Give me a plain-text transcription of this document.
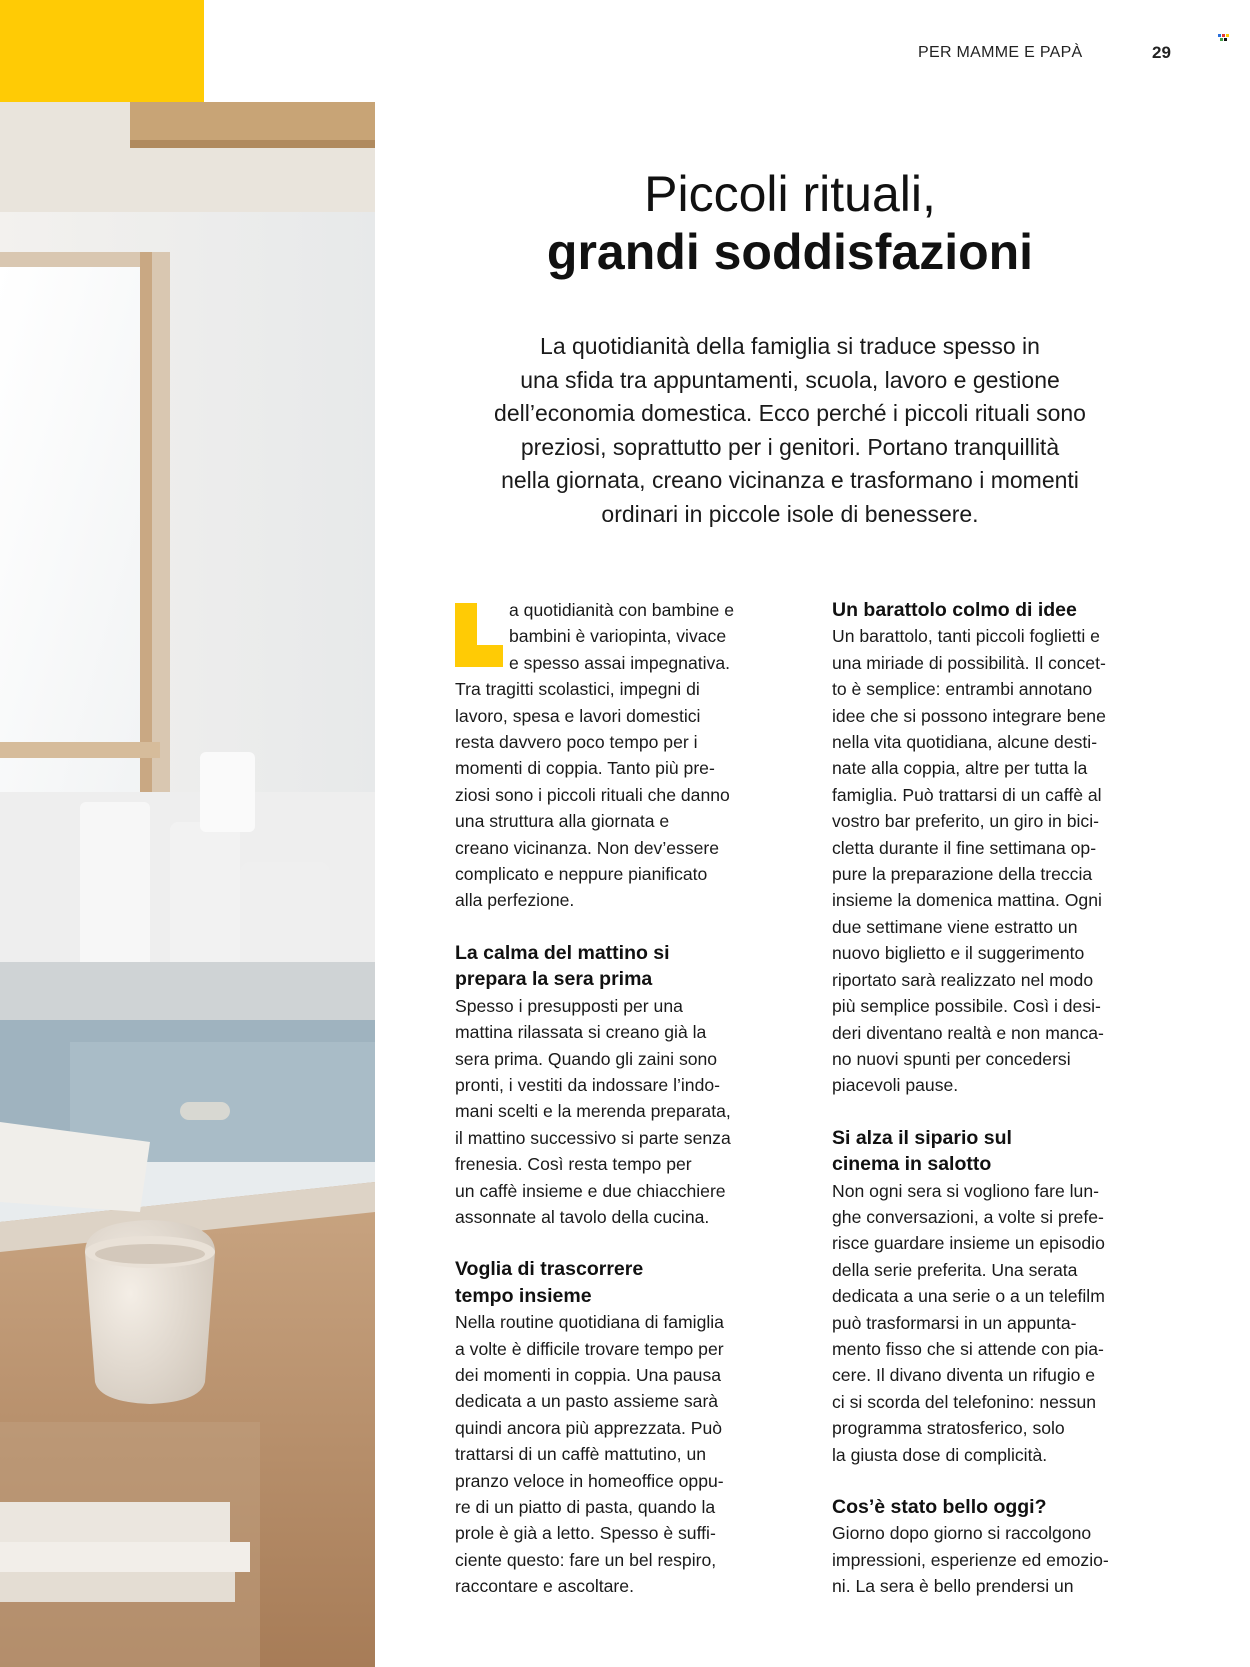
PER MAMME E PAPÀ	29
Piccoli rituali,
grandi soddisfazioni
La quotidianità della famiglia si traduce spesso in
una sfida tra appuntamenti, scuola, lavoro e gestione
dell’economia domestica. Ecco perché i piccoli rituali sono
preziosi, soprattutto per i genitori. Portano tranquillità
nella giornata, creano vicinanza e trasformano i momenti
ordinari in piccole isole di benessere.

a quotidianità con bambine e

bambini è variopinta, vivace

e spesso assai impegnativa.

Tra tragitti scolastici, impegni di

lavoro, spesa e lavori domestici

resta davvero poco tempo per i

momenti di coppia. Tanto più pre-

ziosi sono i piccoli rituali che danno

una struttura alla giornata e

creano vicinanza. Non dev’essere

complicato e neppure pianificato

alla perfezione.

La calma del mattino si
prepara la sera prima

Spesso i presupposti per una

mattina rilassata si creano già la

sera prima. Quando gli zaini sono

pronti, i vestiti da indossare l’indo-

mani scelti e la merenda preparata,

il mattino successivo si parte senza

frenesia. Così resta tempo per

un caffè insieme e due chiacchiere

assonnate al tavolo della cucina.

Voglia di trascorrere
tempo insieme

Nella routine quotidiana di famiglia

a volte è difficile trovare tempo per

dei momenti in coppia. Una pausa

dedicata a un pasto assieme sarà

quindi ancora più apprezzata. Può

trattarsi di un caffè mattutino, un

pranzo veloce in homeoffice oppu-

re di un piatto di pasta, quando la

prole è già a letto. Spesso è suffi-

ciente questo: fare un bel respiro,

raccontare e ascoltare.

Un barattolo colmo di idee

Un barattolo, tanti piccoli foglietti e

una miriade di possibilità. Il concet-

to è semplice: entrambi annotano

idee che si possono integrare bene

nella vita quotidiana, alcune desti-

nate alla coppia, altre per tutta la

famiglia. Può trattarsi di un caffè al

vostro bar preferito, un giro in bici-

cletta durante il fine settimana op-

pure la preparazione della treccia

insieme la domenica mattina. Ogni

due settimane viene estratto un

nuovo biglietto e il suggerimento

riportato sarà realizzato nel modo

più semplice possibile. Così i desi-

deri diventano realtà e non manca-

no nuovi spunti per concedersi

piacevoli pause.

Si alza il sipario sul
cinema in salotto

Non ogni sera si vogliono fare lun-

ghe conversazioni, a volte si prefe-

risce guardare insieme un episodio

della serie preferita. Una serata

dedicata a una serie o a un telefilm

può trasformarsi in un appunta-

mento fisso che si attende con pia-

cere. Il divano diventa un rifugio e

ci si scorda del telefonino: nessun

programma stratosferico, solo

la giusta dose di complicità.

Cos’è stato bello oggi?

Giorno dopo giorno si raccolgono

impressioni, esperienze ed emozio-

ni. La sera è bello prendersi un
